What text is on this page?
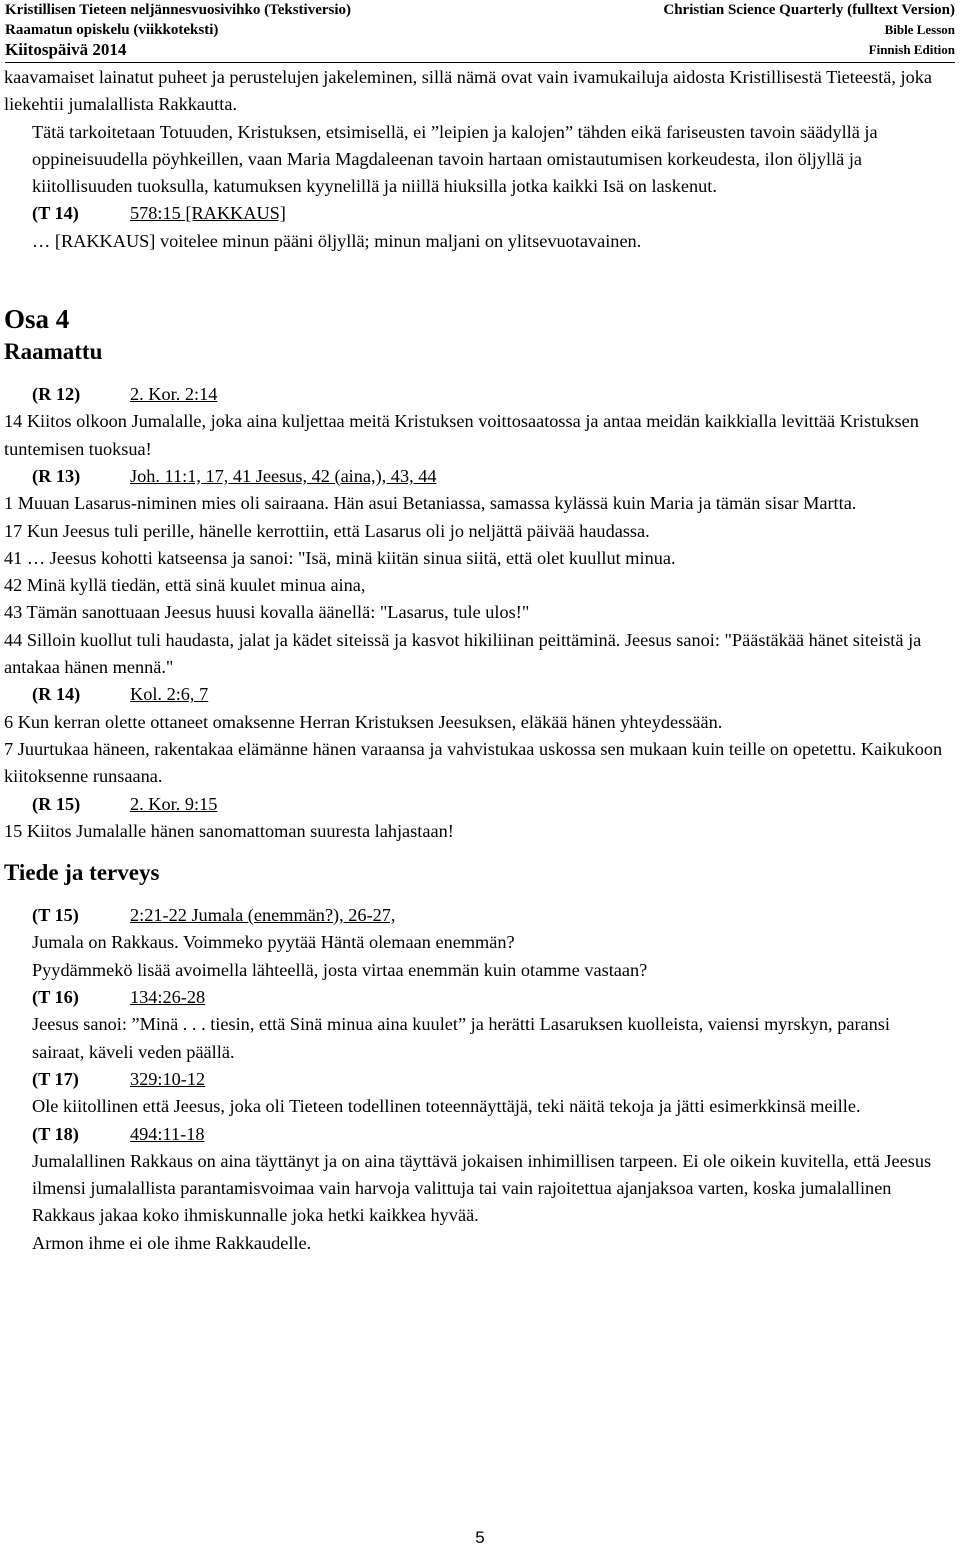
Kristillisen Tieteen neljännesvuosivihko (Tekstiversio)	Christian Science Quarterly (fulltext Version)
Raamatun opiskelu (viikkoteksti)	Bible Lesson
Kiitospäivä 2014	Finnish Edition

kaavamaiset lainatut puheet ja perustelujen jakeleminen, sillä nämä ovat vain ivamukailuja aidosta Kristillisestä Tieteestä, joka liekehtii jumalallista Rakkautta.

Tätä tarkoitetaan Totuuden, Kristuksen, etsimisellä, ei ”leipien ja kalojen” tähden eikä fariseusten tavoin säädyllä ja oppineisuudella pöyhkeillen, vaan Maria Magdaleenan tavoin hartaan omistautumisen korkeudesta, ilon öljyllä ja kiitollisuuden tuoksulla, katumuksen kyynelillä ja niillä hiuksilla jotka kaikki Isä on laskenut.

(T 14)	578:15 [RAKKAUS]

… [RAKKAUS] voitelee minun pääni öljyllä; minun maljani on ylitsevuotavainen.

Osa 4
Raamattu

(R 12)	2. Kor. 2:14

14 Kiitos olkoon Jumalalle, joka aina kuljettaa meitä Kristuksen voittosaatossa ja antaa meidän kaikkialla levittää Kristuksen tuntemisen tuoksua!

(R 13)	Joh. 11:1, 17, 41 Jeesus, 42 (aina,), 43, 44

1 Muuan Lasarus-niminen mies oli sairaana. Hän asui Betaniassa, samassa kylässä kuin Maria ja tämän sisar Martta.

17 Kun Jeesus tuli perille, hänelle kerrottiin, että Lasarus oli jo neljättä päivää haudassa.

41 … Jeesus kohotti katseensa ja sanoi: "Isä, minä kiitän sinua siitä, että olet kuullut minua.

42 Minä kyllä tiedän, että sinä kuulet minua aina,

43 Tämän sanottuaan Jeesus huusi kovalla äänellä: "Lasarus, tule ulos!"

44 Silloin kuollut tuli haudasta, jalat ja kädet siteissä ja kasvot hikiliinan peittäminä. Jeesus sanoi: "Päästäkää hänet siteistä ja antakaa hänen mennä."

(R 14)	Kol. 2:6, 7

6 Kun kerran olette ottaneet omaksenne Herran Kristuksen Jeesuksen, eläkää hänen yhteydessään.

7 Juurtukaa häneen, rakentakaa elämänne hänen varaansa ja vahvistukaa uskossa sen mukaan kuin teille on opetettu. Kaikukoon kiitoksenne runsaana.

(R 15)	2. Kor. 9:15

15 Kiitos Jumalalle hänen sanomattoman suuresta lahjastaan!

Tiede ja terveys

(T 15)	2:21-22 Jumala (enemmän?), 26-27,

Jumala on Rakkaus. Voimmeko pyytää Häntä olemaan enemmän?

Pyydämmekö lisää avoimella lähteellä, josta virtaa enemmän kuin otamme vastaan?

(T 16)	134:26-28

Jeesus sanoi: ”Minä . . . tiesin, että Sinä minua aina kuulet” ja herätti Lasaruksen kuolleista, vaiensi myrskyn, paransi sairaat, käveli veden päällä.

(T 17)	329:10-12

Ole kiitollinen että Jeesus, joka oli Tieteen todellinen toteennäyttäjä, teki näitä tekoja ja jätti esimerkkinsä meille.

(T 18)	494:11-18

Jumalallinen Rakkaus on aina täyttänyt ja on aina täyttävä jokaisen inhimillisen tarpeen. Ei ole oikein kuvitella, että Jeesus ilmensi jumalallista parantamisvoimaa vain harvoja valittuja tai vain rajoitettua ajanjaksoa varten, koska jumalallinen Rakkaus jakaa koko ihmiskunnalle joka hetki kaikkea hyvää.

Armon ihme ei ole ihme Rakkaudelle.

5
